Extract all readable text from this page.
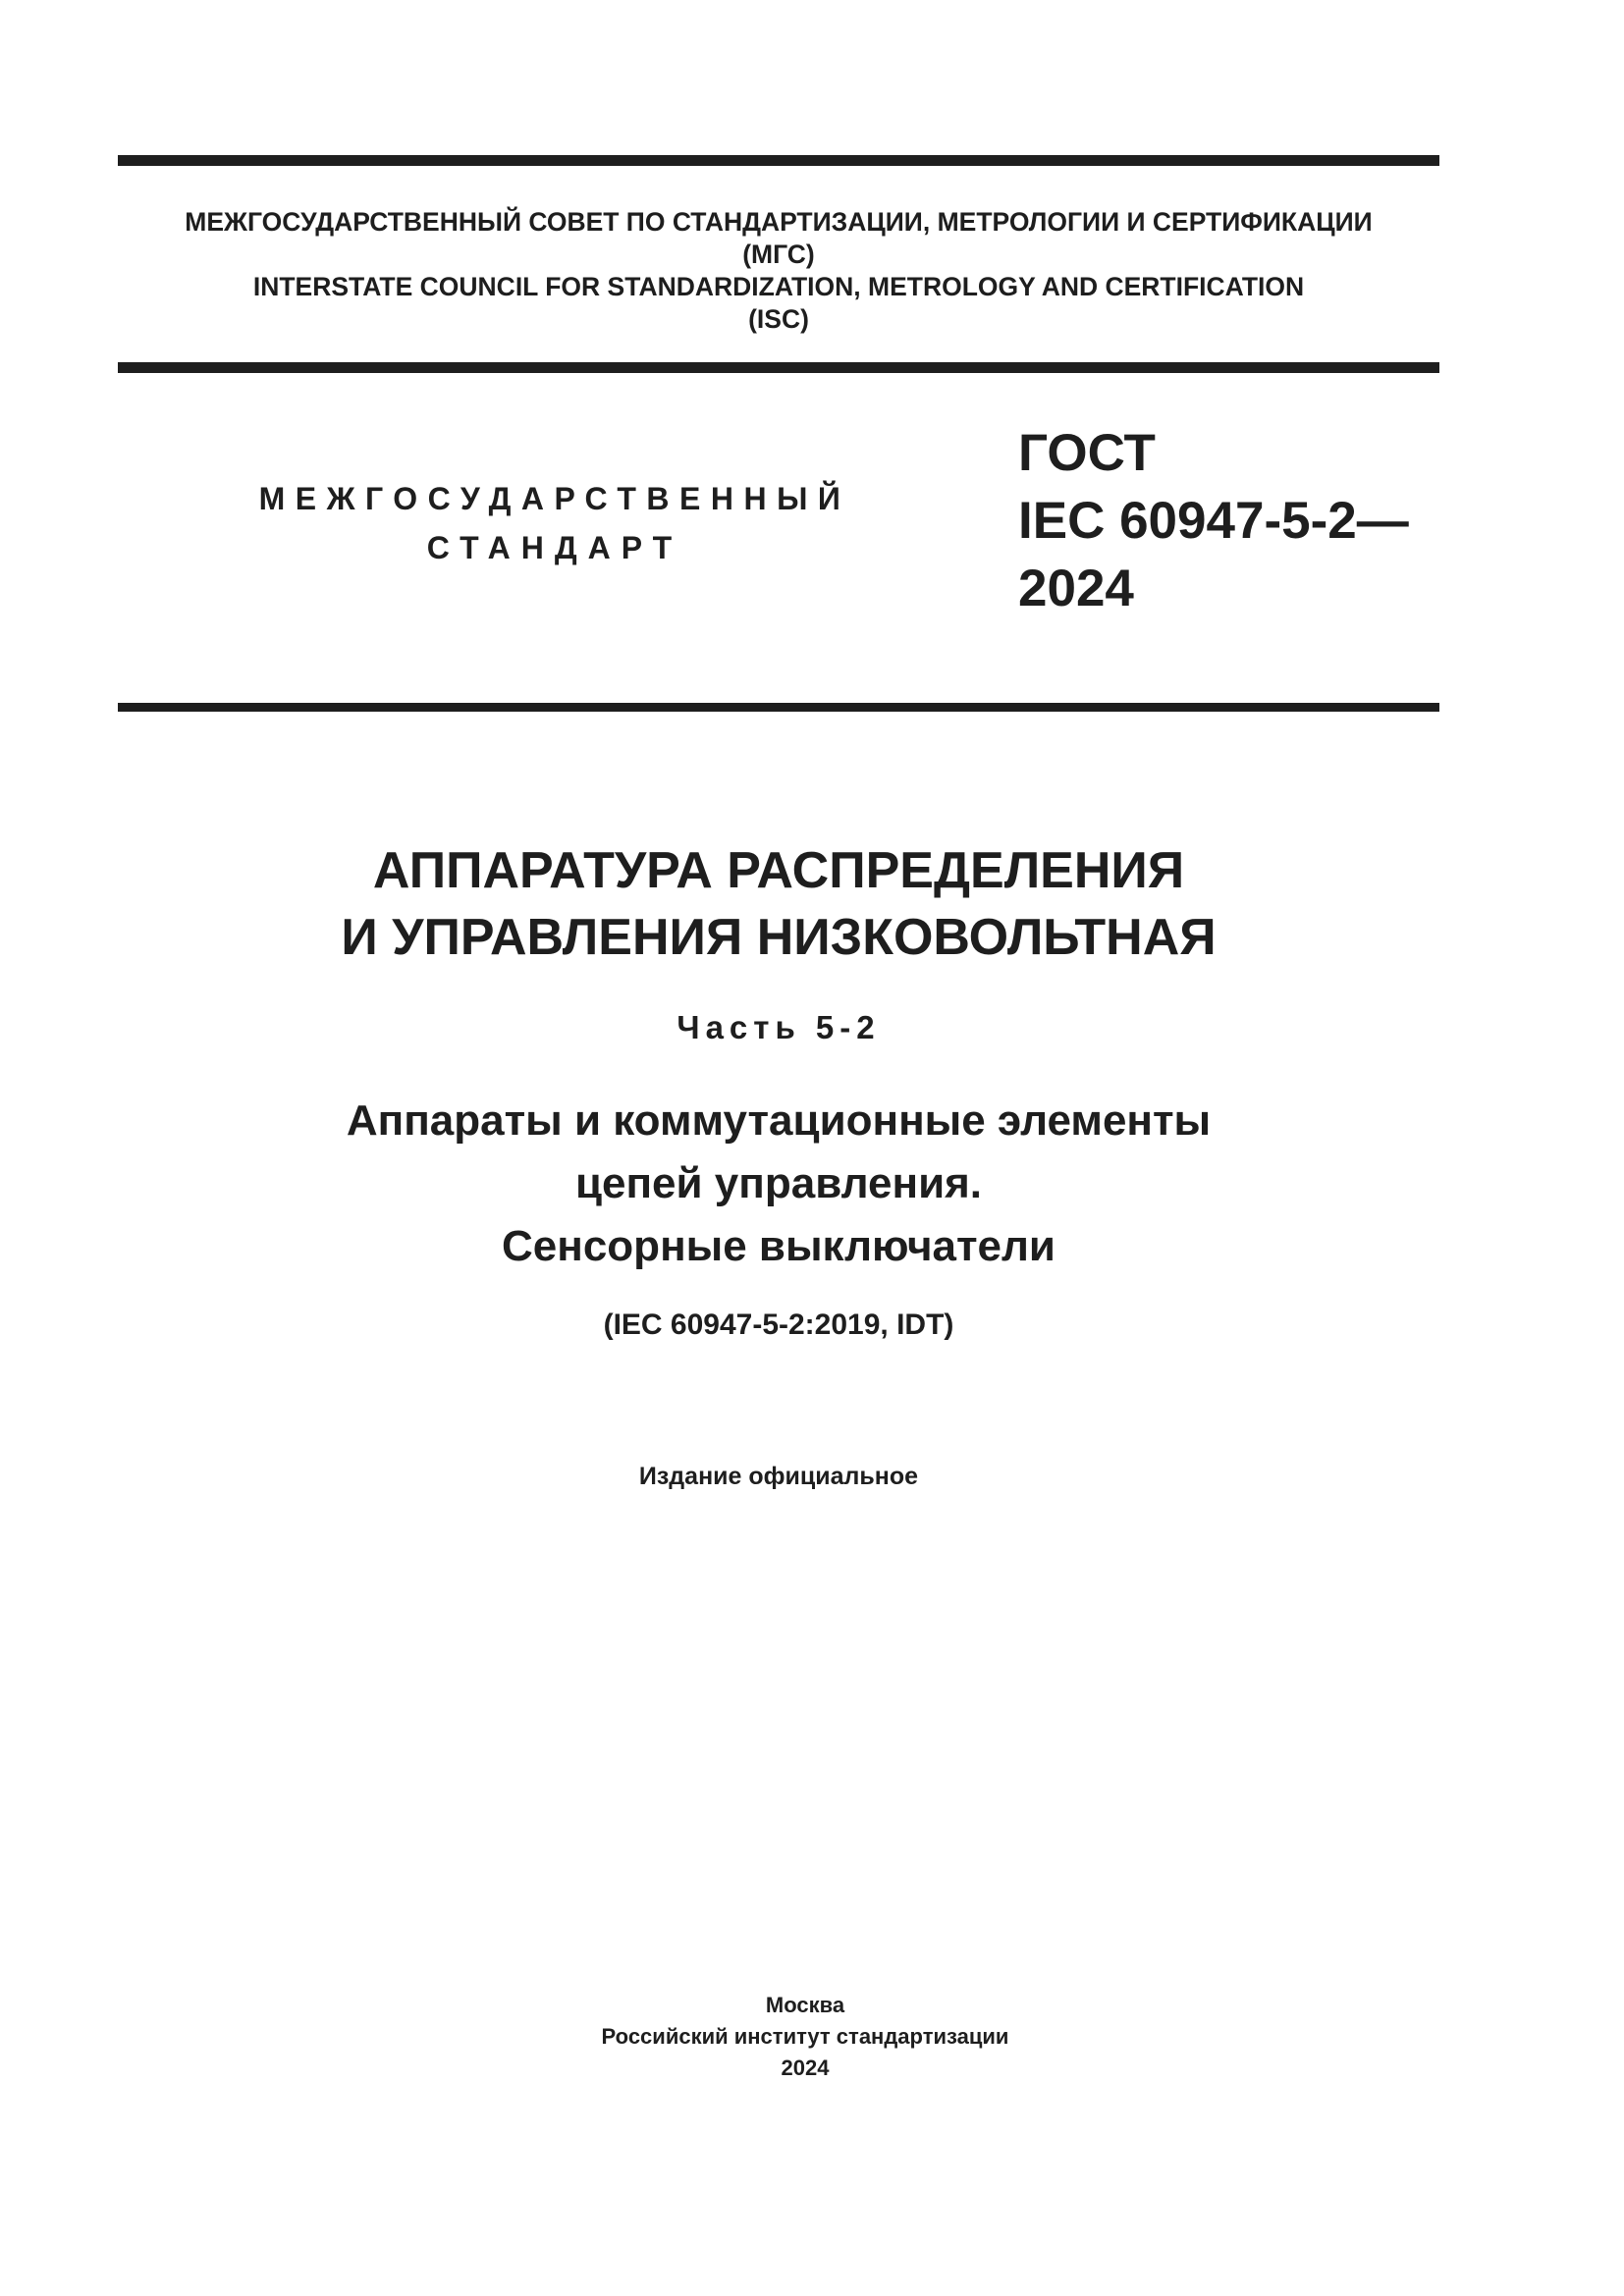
МЕЖГОСУДАРСТВЕННЫЙ СОВЕТ ПО СТАНДАРТИЗАЦИИ, МЕТРОЛОГИИ И СЕРТИФИКАЦИИ
(МГС)
INTERSTATE COUNCIL FOR STANDARDIZATION, METROLOGY AND CERTIFICATION
(ISC)
МЕЖГОСУДАРСТВЕННЫЙ
СТАНДАРТ
ГОСТ
IEC 60947-5-2—
2024
АППАРАТУРА РАСПРЕДЕЛЕНИЯ
И УПРАВЛЕНИЯ НИЗКОВОЛЬТНАЯ
Часть 5-2
Аппараты и коммутационные элементы
цепей управления.
Сенсорные выключатели
(IEC 60947-5-2:2019, IDT)
Издание официальное
Москва
Российский институт стандартизации
2024
